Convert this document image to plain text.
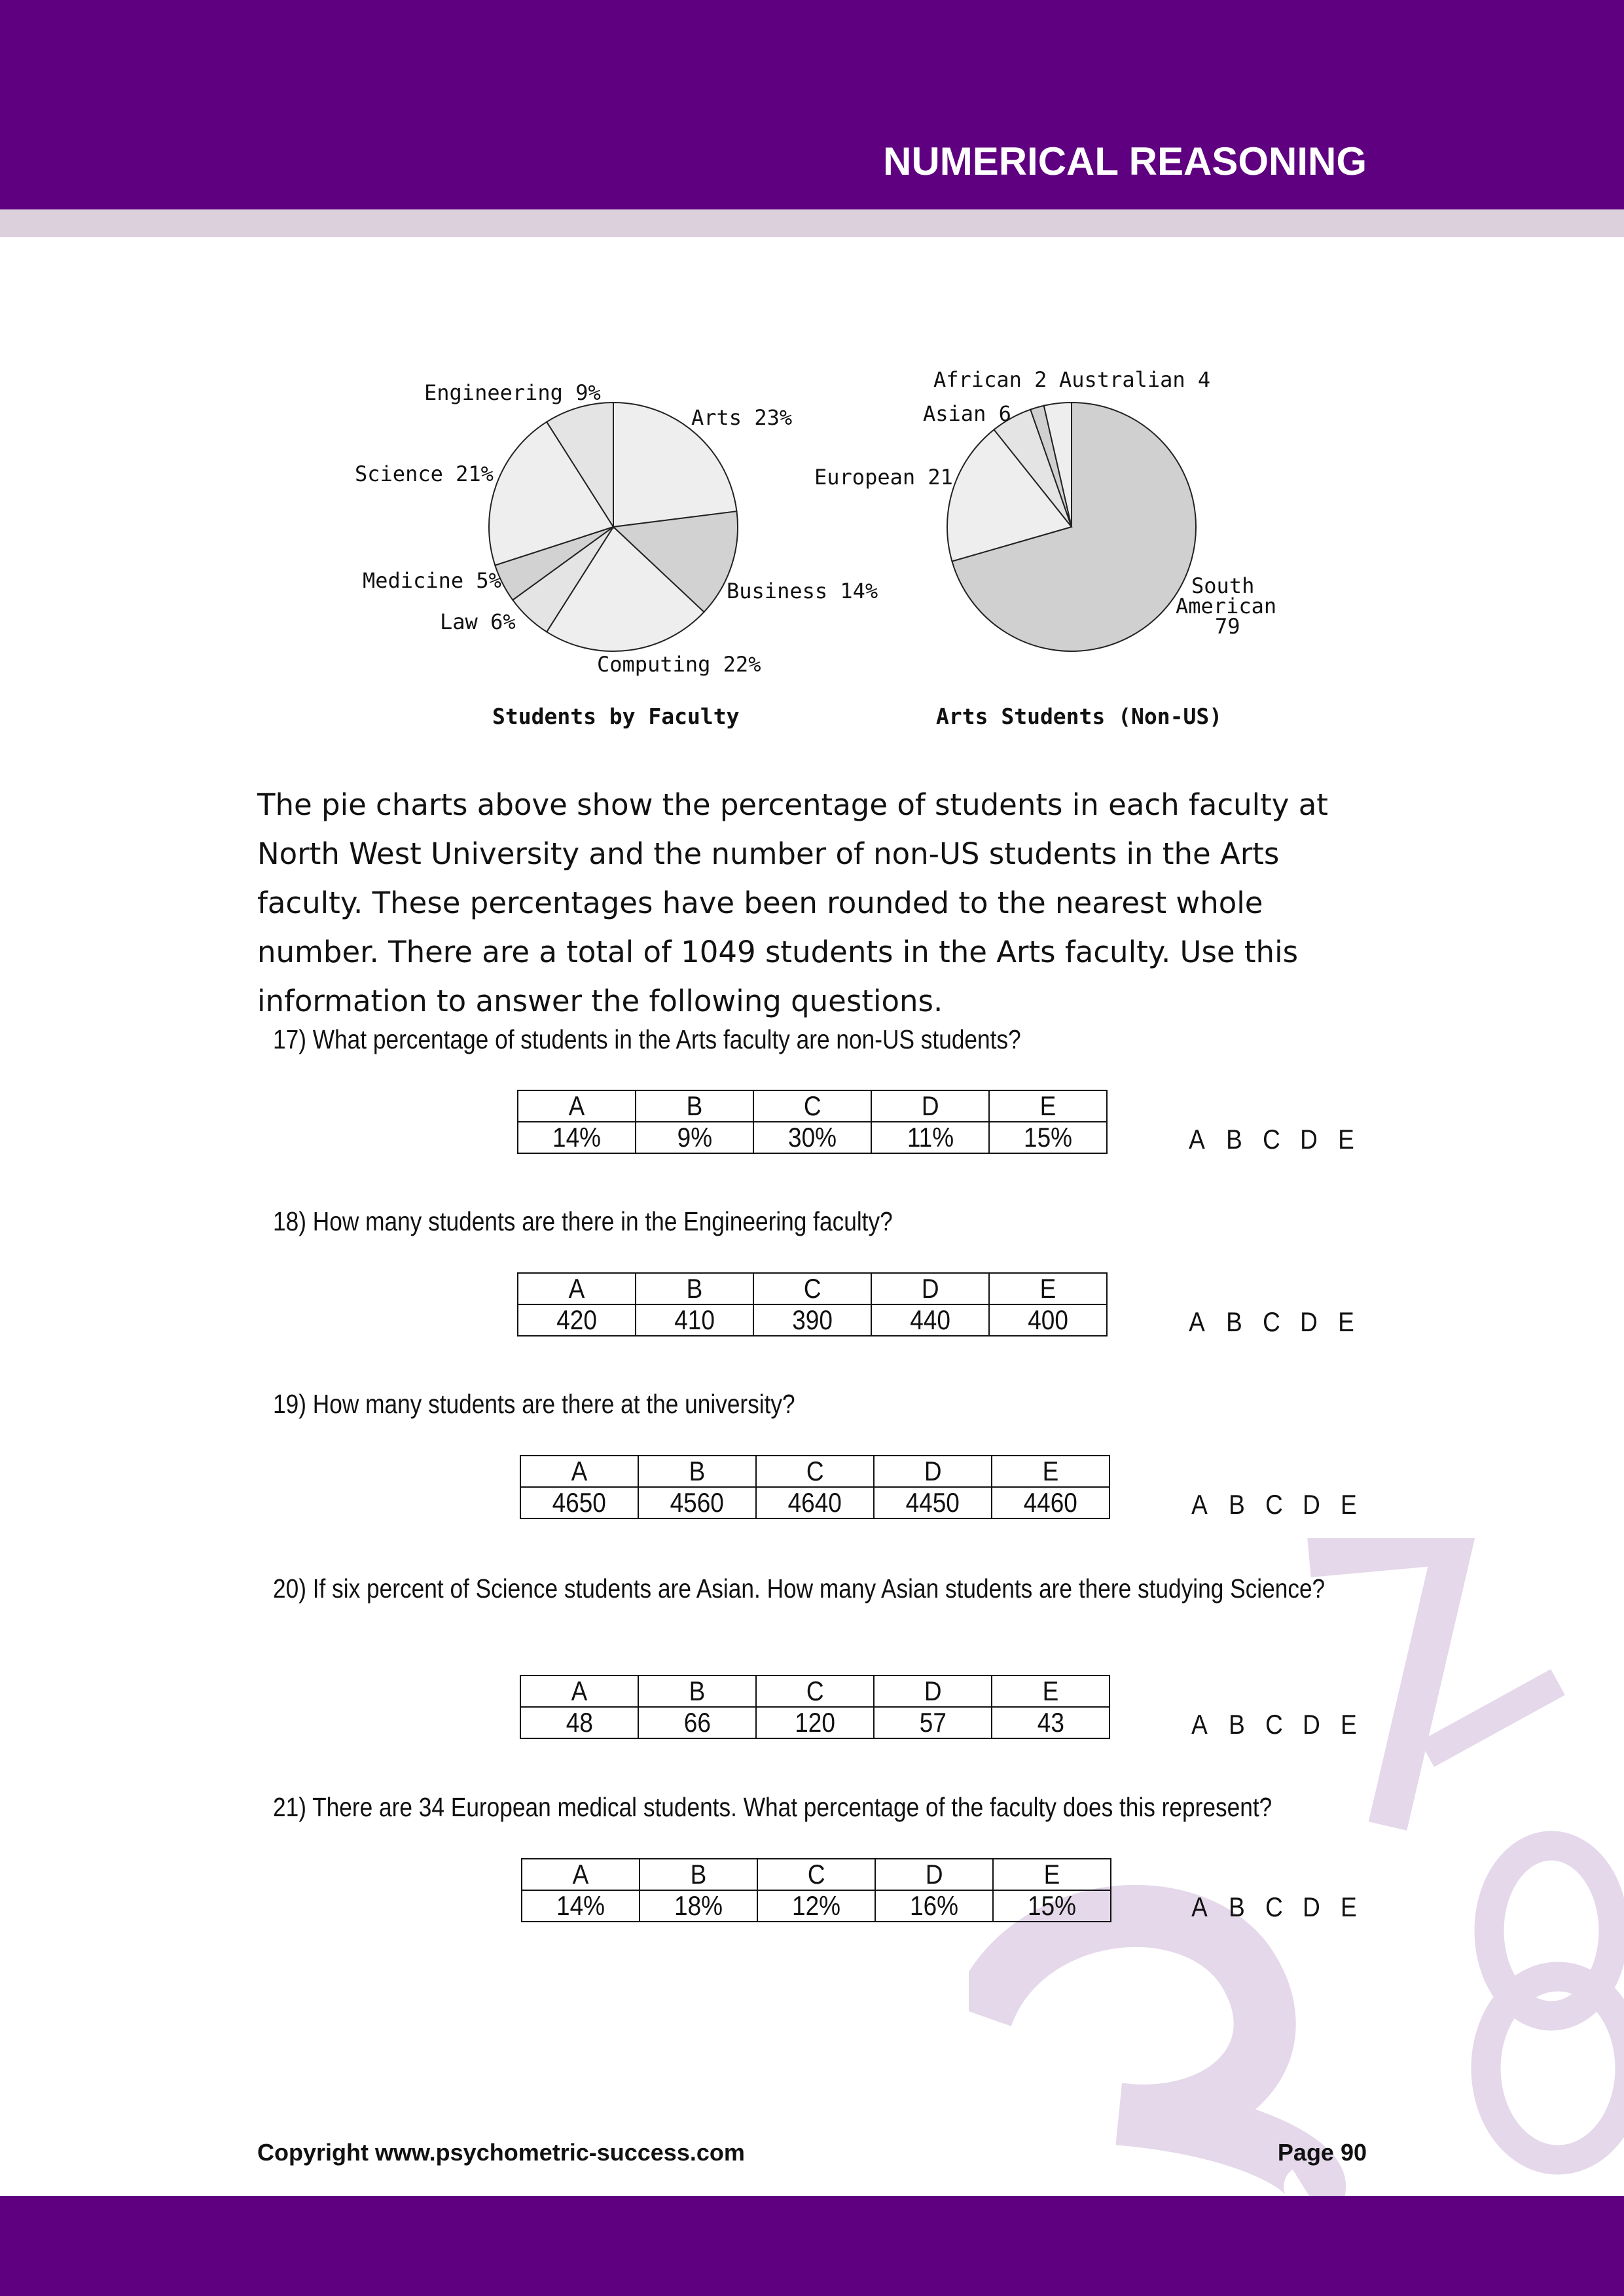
NUMERICAL REASONING
Engineering 9%
Arts 23%
Science 21%
Medicine 5%	Business 14%
Law 6%
Computing 22%
African 2 Australian 4
Asian 6
European 21
South
American
79
Students by Faculty	Arts Students (Non-US)
The pie charts above show the percentage of students in each faculty at North West University and the number of non-US students in the Arts faculty. These percentages have been rounded to the nearest whole number. There are a total of 1049 students in the Arts faculty. Use this information to answer the following questions.
17) What percentage of students in the Arts faculty are non-US students?
A	B	C	D	E
14%	9%	30%	11%	15%	A B C D E
18) How many students are there in the Engineering faculty?
A	B	C	D	E
420	410	390	440	400	A B C D E
19) How many students are there at the university?
A	B	C	D	E
4650	4560	4640	4450	4460	A B C D E
20) If six percent of Science students are Asian. How many Asian students are there studying Science?
A	B	C	D	E
48	66	120	57	43	A B C D E
21) There are 34 European medical students. What percentage of the faculty does this represent?
A	B	C	D	E
14%	18%	12%	16%	15%	A B C D E
Copyright www.psychometric-success.com	Page 90
